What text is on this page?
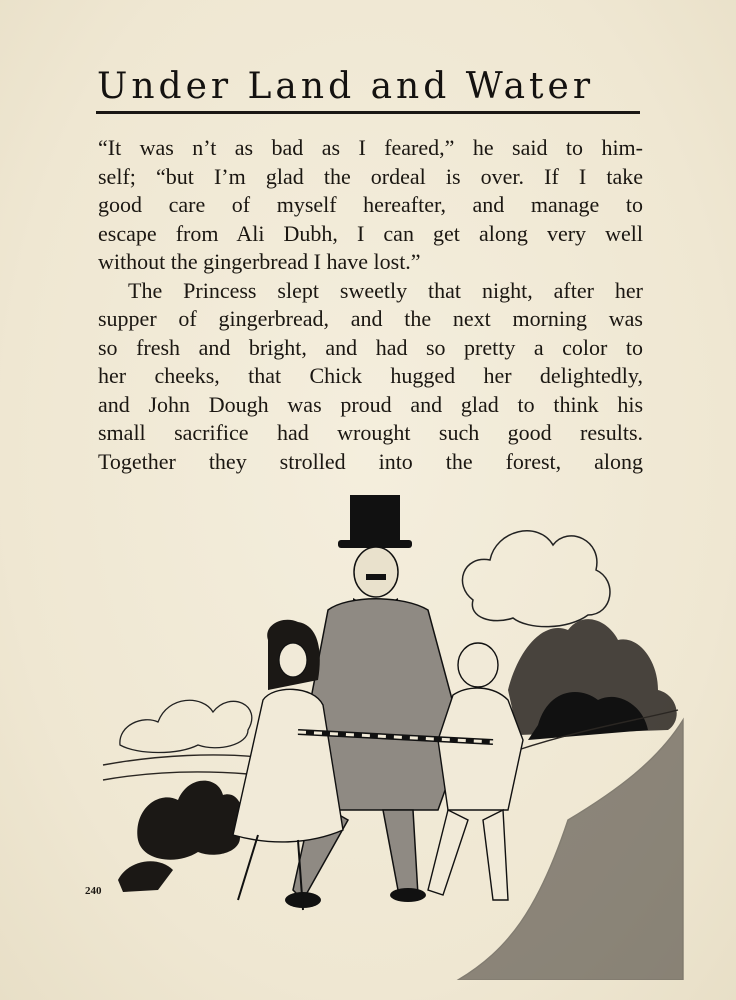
Under Land and Water
“It was n’t as bad as I feared,” he said to him-
self; “but I’m glad the ordeal is over. If I take
good care of myself hereafter, and manage to
escape from Ali Dubh, I can get along very well
without the gingerbread I have lost.”
The Princess slept sweetly that night, after her
supper of gingerbread, and the next morning was
so fresh and bright, and had so pretty a color to
her cheeks, that Chick hugged her delightedly,
and John Dough was proud and glad to think his
small sacrifice had wrought such good results.
Together they strolled into the forest, along
240
